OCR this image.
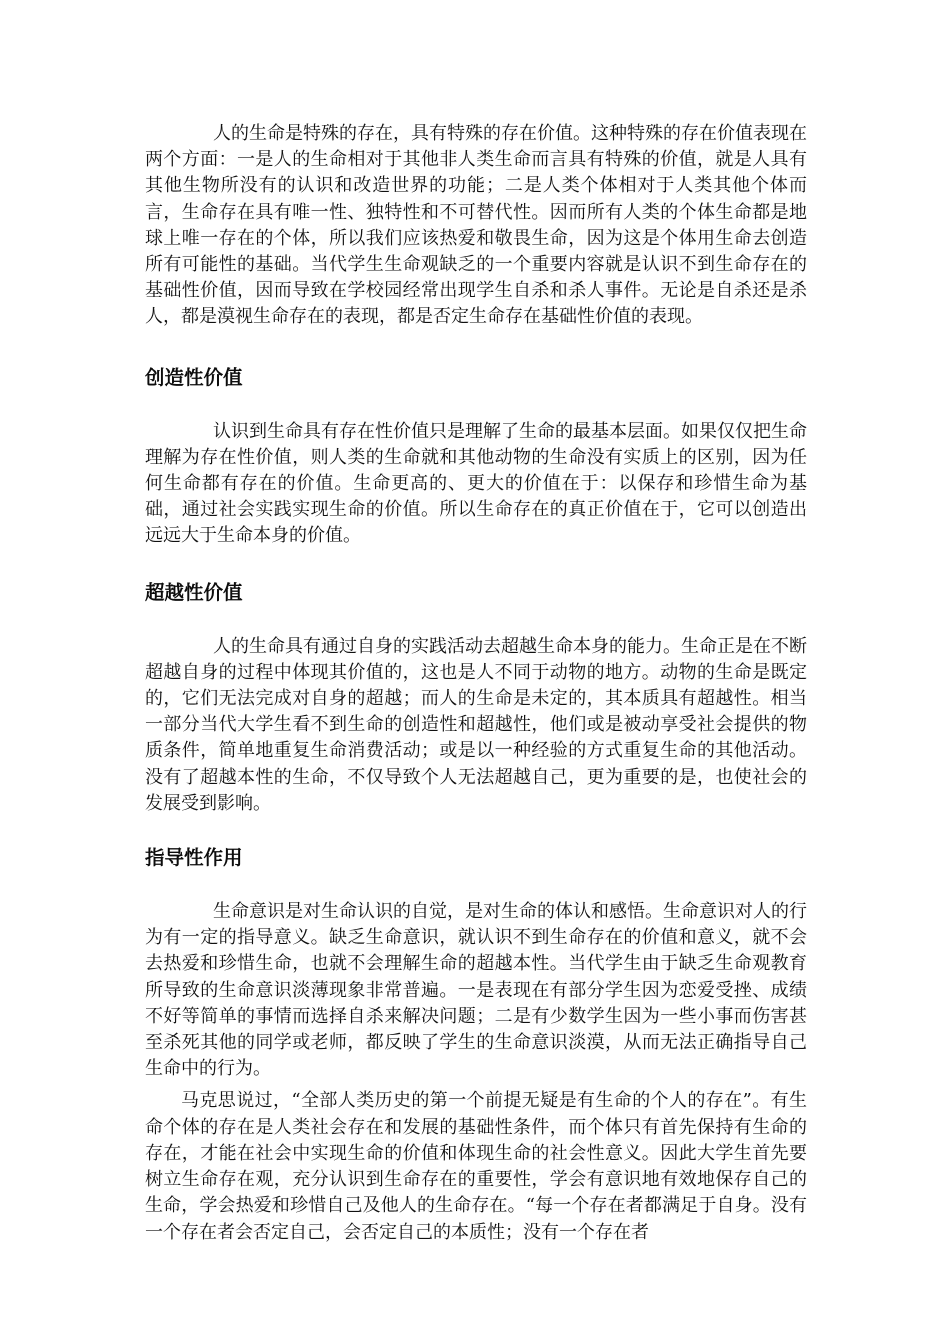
人的生命是特殊的存在，具有特殊的存在价值。这种特殊的存在价值表现在两个方面：一是人的生命相对于其他非人类生命而言具有特殊的价值，就是人具有其他生物所没有的认识和改造世界的功能；二是人类个体相对于人类其他个体而言，生命存在具有唯一性、独特性和不可替代性。因而所有人类的个体生命都是地球上唯一存在的个体，所以我们应该热爱和敬畏生命，因为这是个体用生命去创造所有可能性的基础。当代学生生命观缺乏的一个重要内容就是认识不到生命存在的基础性价值，因而导致在学校园经常出现学生自杀和杀人事件。无论是自杀还是杀人，都是漠视生命存在的表现，都是否定生命存在基础性价值的表现。

创造性价值

认识到生命具有存在性价值只是理解了生命的最基本层面。如果仅仅把生命理解为存在性价值，则人类的生命就和其他动物的生命没有实质上的区别，因为任何生命都有存在的价值。生命更高的、更大的价值在于：以保存和珍惜生命为基础，通过社会实践实现生命的价值。所以生命存在的真正价值在于，它可以创造出远远大于生命本身的价值。

超越性价值

人的生命具有通过自身的实践活动去超越生命本身的能力。生命正是在不断超越自身的过程中体现其价值的，这也是人不同于动物的地方。动物的生命是既定的，它们无法完成对自身的超越；而人的生命是未定的，其本质具有超越性。相当一部分当代大学生看不到生命的创造性和超越性，他们或是被动享受社会提供的物质条件，简单地重复生命消费活动；或是以一种经验的方式重复生命的其他活动。没有了超越本性的生命，不仅导致个人无法超越自己，更为重要的是，也使社会的发展受到影响。

指导性作用

生命意识是对生命认识的自觉，是对生命的体认和感悟。生命意识对人的行为有一定的指导意义。缺乏生命意识，就认识不到生命存在的价值和意义，就不会去热爱和珍惜生命，也就不会理解生命的超越本性。当代学生由于缺乏生命观教育所导致的生命意识淡薄现象非常普遍。一是表现在有部分学生因为恋爱受挫、成绩不好等简单的事情而选择自杀来解决问题；二是有少数学生因为一些小事而伤害甚至杀死其他的同学或老师，都反映了学生的生命意识淡漠，从而无法正确指导自己生命中的行为。

马克思说过，“全部人类历史的第一个前提无疑是有生命的个人的存在”。有生命个体的存在是人类社会存在和发展的基础性条件，而个体只有首先保持有生命的存在，才能在社会中实现生命的价值和体现生命的社会性意义。因此大学生首先要树立生命存在观，充分认识到生命存在的重要性，学会有意识地有效地保存自己的生命，学会热爱和珍惜自己及他人的生命存在。“每一个存在者都满足于自身。没有一个存在者会否定自己，会否定自己的本质性；没有一个存在者
